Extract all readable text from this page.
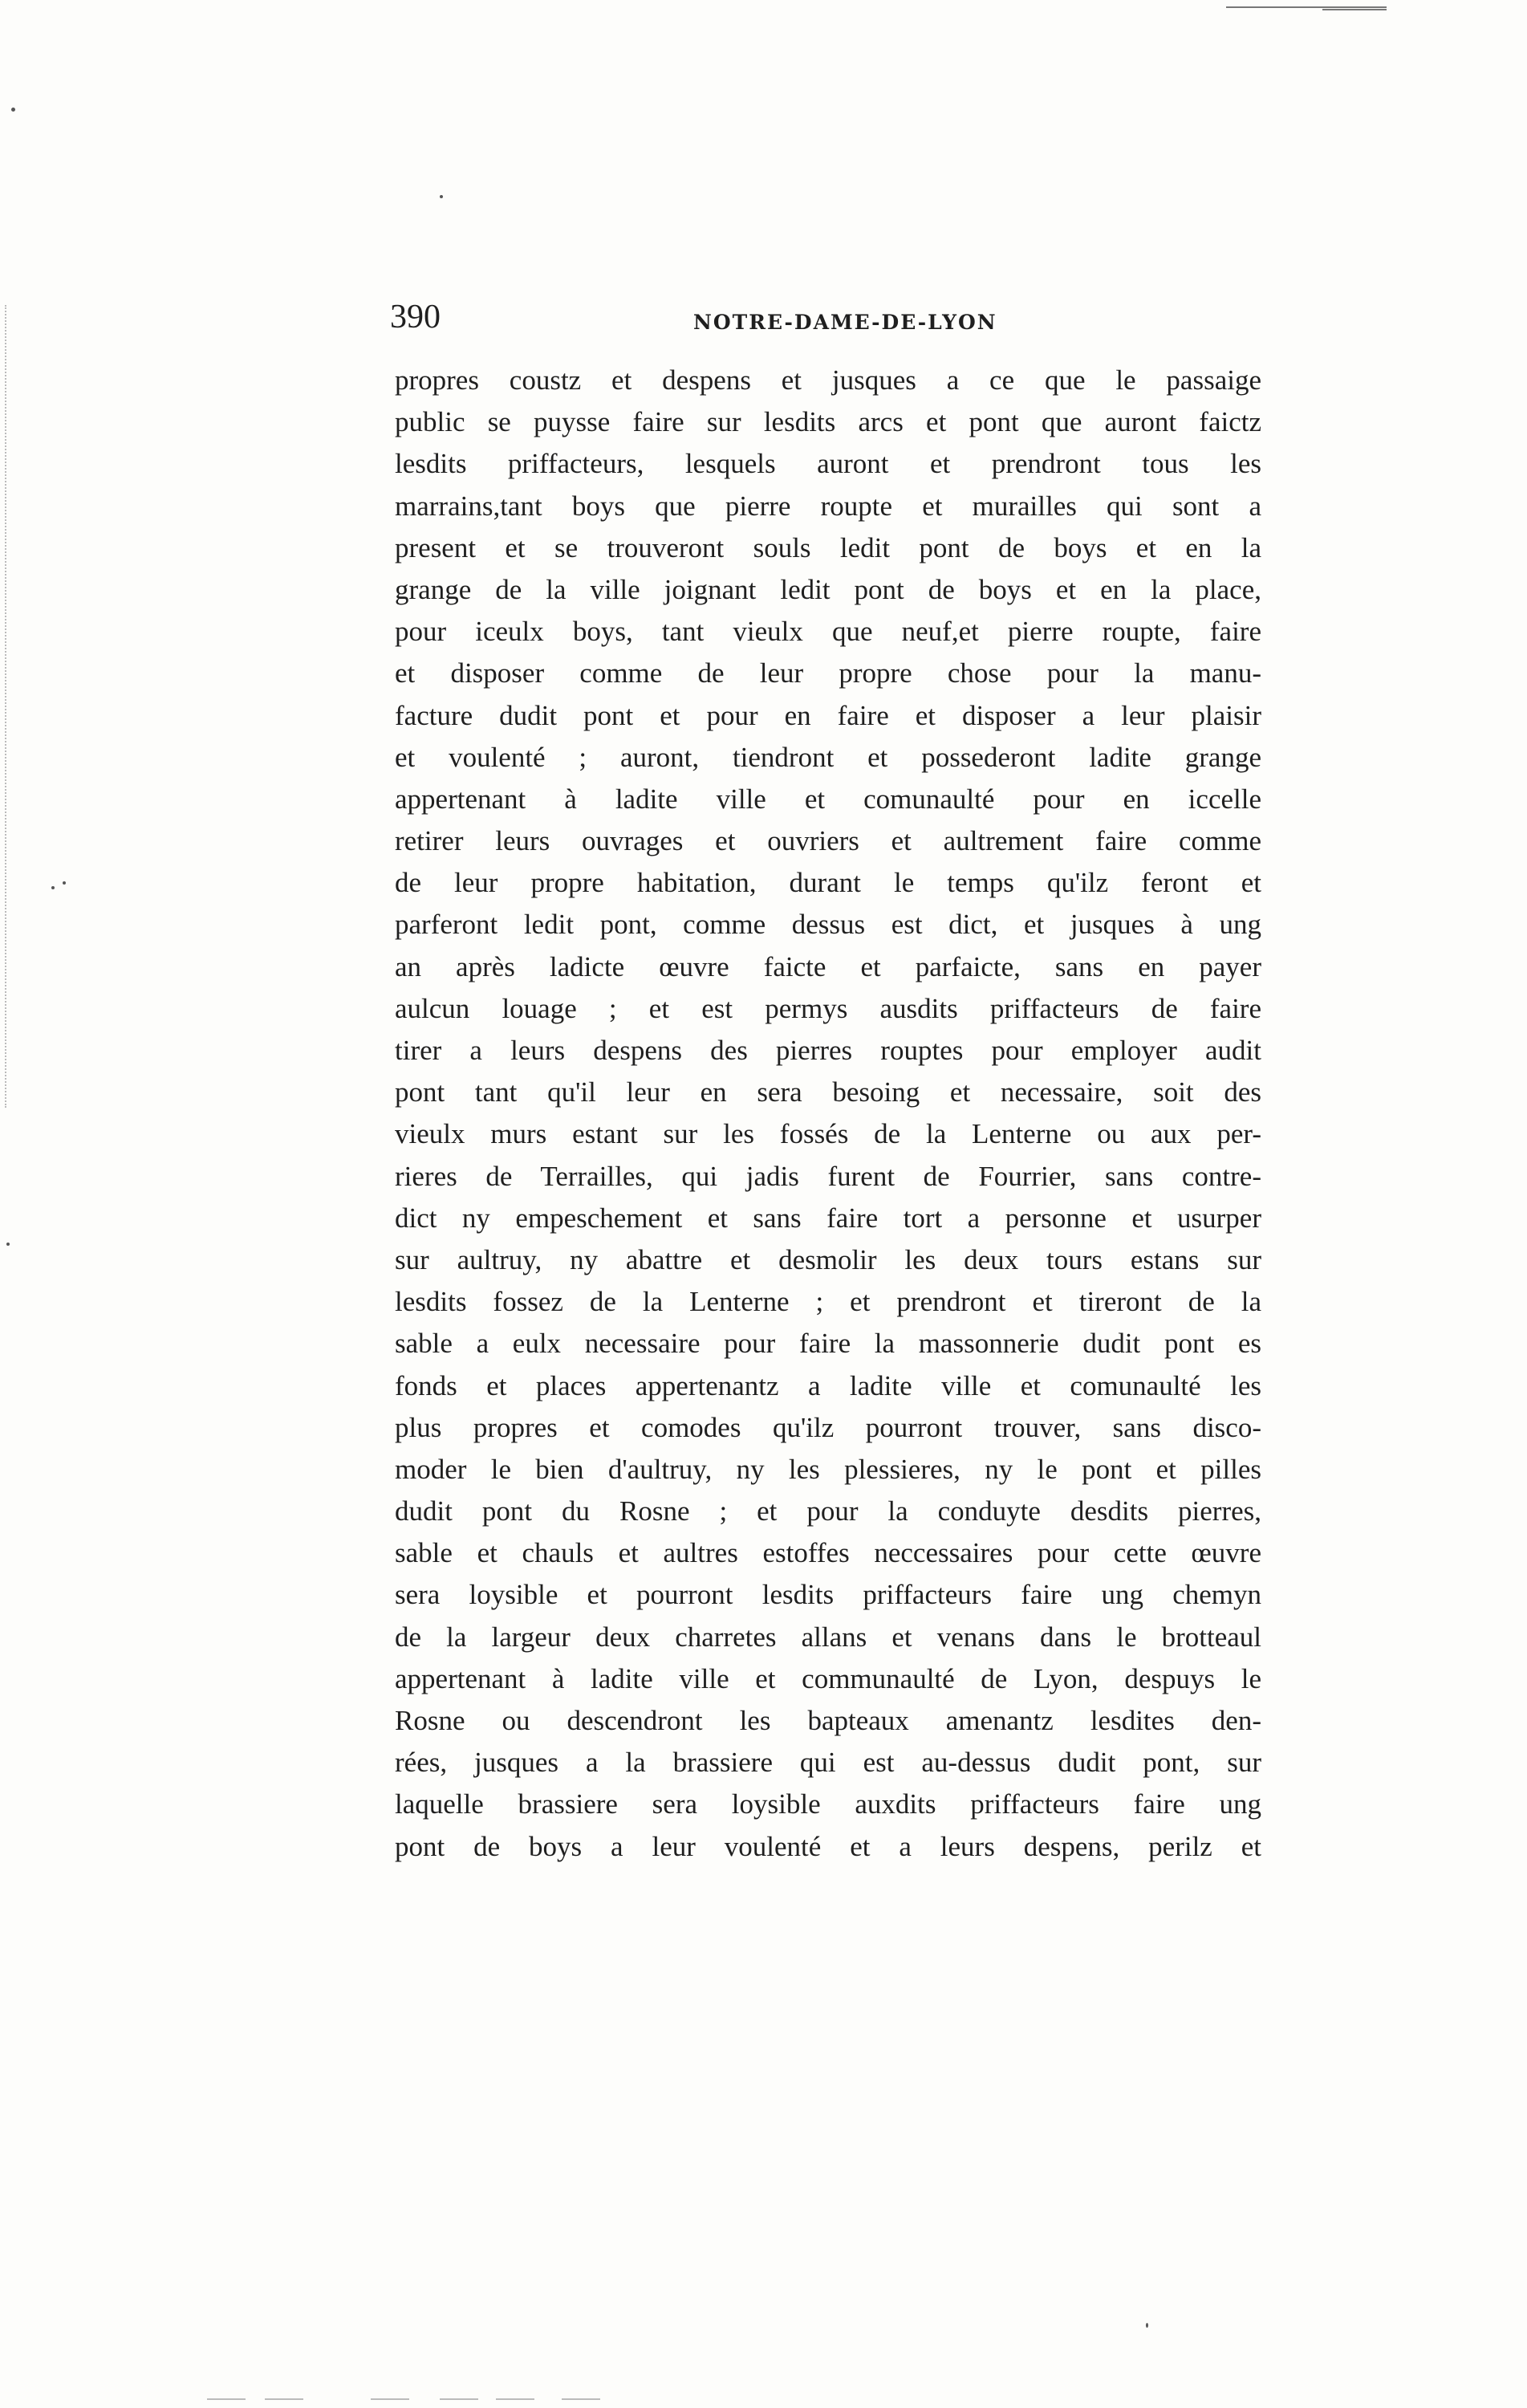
390	NOTRE-DAME-DE-LYON
propres coustz et despens et jusques a ce que le passaige
public se puysse faire sur lesdits arcs et pont que auront faictz
lesdits priffacteurs, lesquels auront et prendront tous les
marrains,tant boys que pierre roupte et murailles qui sont a
present et se trouveront souls ledit pont de boys et en la
grange de la ville joignant ledit pont de boys et en la place,
pour iceulx boys, tant vieulx que neuf,et pierre roupte, faire
et disposer comme de leur propre chose pour la manu-
facture dudit pont et pour en faire et disposer a leur plaisir
et voulenté ; auront, tiendront et possederont ladite grange
appertenant à ladite ville et comunaulté pour en iccelle
retirer leurs ouvrages et ouvriers et aultrement faire comme
de leur propre habitation, durant le temps qu'ilz feront et
parferont ledit pont, comme dessus est dict, et jusques à ung
an après ladicte œuvre faicte et parfaicte, sans en payer
aulcun louage ; et est permys ausdits priffacteurs de faire
tirer a leurs despens des pierres rouptes pour employer audit
pont tant qu'il leur en sera besoing et necessaire, soit des
vieulx murs estant sur les fossés de la Lenterne ou aux per-
rieres de Terrailles, qui jadis furent de Fourrier, sans contre-
dict ny empeschement et sans faire tort a personne et usurper
sur aultruy, ny abattre et desmolir les deux tours estans sur
lesdits fossez de la Lenterne ; et prendront et tireront de la
sable a eulx necessaire pour faire la massonnerie dudit pont es
fonds et places appertenantz a ladite ville et comunaulté les
plus propres et comodes qu'ilz pourront trouver, sans disco-
moder le bien d'aultruy, ny les plessieres, ny le pont et pilles
dudit pont du Rosne ; et pour la conduyte desdits pierres,
sable et chauls et aultres estoffes neccessaires pour cette œuvre
sera loysible et pourront lesdits priffacteurs faire ung chemyn
de la largeur deux charretes allans et venans dans le brotteaul
appertenant à ladite ville et communaulté de Lyon, despuys le
Rosne ou descendront les bapteaux amenantz lesdites den-
rées, jusques a la brassiere qui est au-dessus dudit pont, sur
laquelle brassiere sera loysible auxdits priffacteurs faire ung
pont de boys a leur voulenté et a leurs despens, perilz et
